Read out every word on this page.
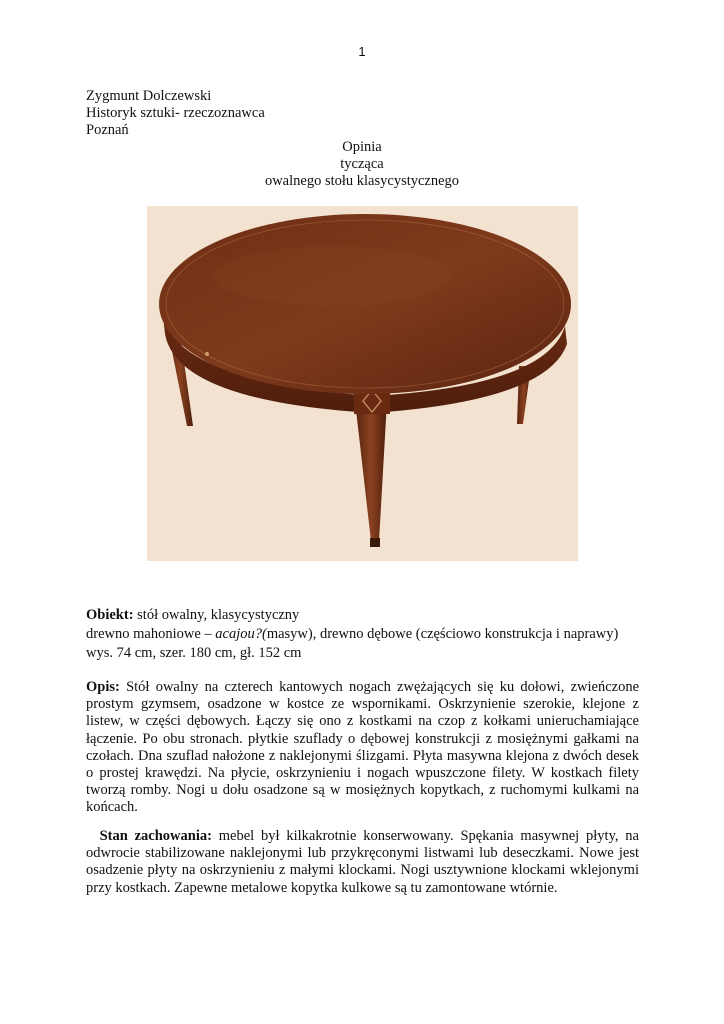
1
Zygmunt Dolczewski
Historyk sztuki- rzeczoznawca
Poznań
Opinia
tycząca
owalnego stołu klasycystycznego
Obiekt: stół owalny, klasycystyczny
drewno mahoniowe – acajou?(masyw), drewno dębowe (częściowo konstrukcja i naprawy)
wys. 74 cm, szer. 180 cm, gł. 152 cm
Opis: Stół owalny na czterech kantowych nogach zwężających się ku dołowi, zwieńczone prostym gzymsem, osadzone w kostce ze wspornikami. Oskrzynienie szerokie, klejone z listew, w części dębowych. Łączy się ono z kostkami na czop z kołkami unieruchamiające łączenie. Po obu stronach. płytkie szuflady o dębowej konstrukcji z mosiężnymi gałkami na czołach. Dna szuflad nałożone z naklejonymi ślizgami. Płyta masywna klejona z dwóch desek o prostej krawędzi. Na płycie, oskrzynieniu i nogach wpuszczone filety. W kostkach filety tworzą romby. Nogi u dołu osadzone są w mosiężnych kopytkach, z ruchomymi kulkami na końcach.
Stan zachowania: mebel był kilkakrotnie konserwowany. Spękania masywnej płyty, na odwrocie stabilizowane naklejonymi lub przykręconymi listwami lub deseczkami. Nowe jest osadzenie płyty na oskrzynieniu z małymi klockami. Nogi usztywnione klockami wklejonymi przy kostkach. Zapewne metalowe kopytka kulkowe są tu zamontowane wtórnie.
